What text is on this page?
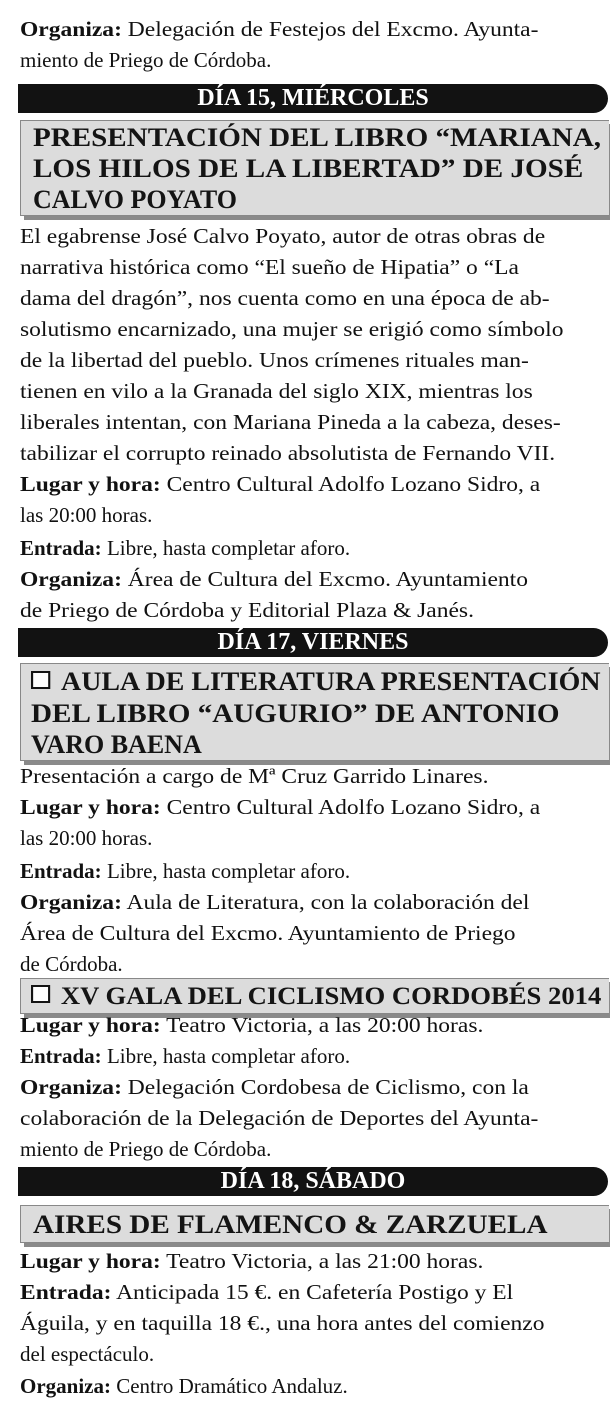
Organiza: Delegación de Festejos del Excmo. Ayunta-

miento de Priego de Córdoba.

DÍA 15, MIÉRCOLES
PRESENTACIÓN DEL LIBRO “MARIANA,
LOS HILOS DE LA LIBERTAD” DE JOSÉ
CALVO POYATO

El egabrense José Calvo Poyato, autor de otras obras de

narrativa histórica como “El sueño de Hipatia” o “La

dama del dragón”, nos cuenta como en una época de ab-

solutismo encarnizado, una mujer se erigió como símbolo

de la libertad del pueblo. Unos crímenes rituales man-

tienen en vilo a la Granada del siglo XIX, mientras los

liberales intentan, con Mariana Pineda a la cabeza, deses-

tabilizar el corrupto reinado absolutista de Fernando VII.

Lugar y hora: Centro Cultural Adolfo Lozano Sidro, a

las 20:00 horas.

Entrada: Libre, hasta completar aforo.

Organiza: Área de Cultura del Excmo. Ayuntamiento

de Priego de Córdoba y Editorial Plaza & Janés.

DÍA 17, VIERNES
AULA DE LITERATURA PRESENTACIÓN
DEL LIBRO “AUGURIO” DE ANTONIO
VARO BAENA

Presentación a cargo de Mª Cruz Garrido Linares.

Lugar y hora: Centro Cultural Adolfo Lozano Sidro, a

las 20:00 horas.

Entrada: Libre, hasta completar aforo.

Organiza: Aula de Literatura, con la colaboración del

Área de Cultura del Excmo. Ayuntamiento de Priego

de Córdoba.

XV GALA DEL CICLISMO CORDOBÉS 2014

Lugar y hora: Teatro Victoria, a las 20:00 horas.

Entrada: Libre, hasta completar aforo.

Organiza: Delegación Cordobesa de Ciclismo, con la

colaboración de la Delegación de Deportes del Ayunta-

miento de Priego de Córdoba.

DÍA 18, SÁBADO
AIRES DE FLAMENCO & ZARZUELA

Lugar y hora: Teatro Victoria, a las 21:00 horas.

Entrada: Anticipada 15 €. en Cafetería Postigo y El

Águila, y en taquilla 18 €., una hora antes del comienzo

del espectáculo.

Organiza: Centro Dramático Andaluz.
